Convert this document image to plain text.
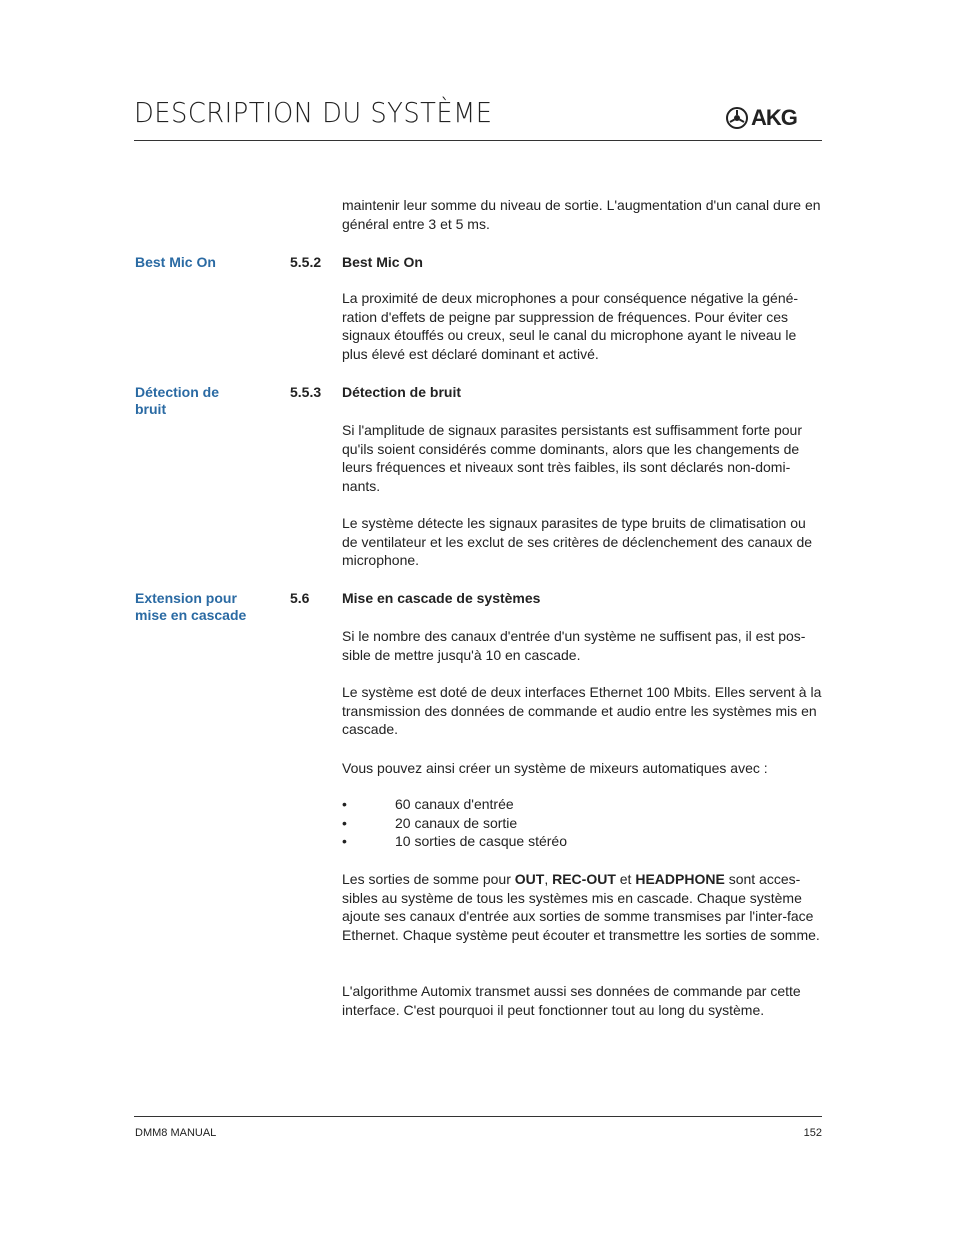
DESCRIPTION DU SYSTÈME	AKG
maintenir leur somme du niveau de sortie. L'augmentation d'un canal dure en général entre 3 et 5 ms.
Best Mic On	5.5.2 Best Mic On
La proximité de deux microphones a pour conséquence négative la géné-ration d'effets de peigne par suppression de fréquences. Pour éviter ces signaux étouffés ou creux, seul le canal du microphone ayant le niveau le plus élevé est déclaré dominant et activé.
Détection de bruit
5.5.3 Détection de bruit
Si l'amplitude de signaux parasites persistants est suffisamment forte pour qu'ils soient considérés comme dominants, alors que les changements de leurs fréquences et niveaux sont très faibles, ils sont déclarés non-domi-nants.
Le système détecte les signaux parasites de type bruits de climatisation ou de ventilateur et les exclut de ses critères de déclenchement des canaux de microphone.
Extension pour mise en cascade
5.6 Mise en cascade de systèmes
Si le nombre des canaux d'entrée d'un système ne suffisent pas, il est pos-sible de mettre jusqu'à 10 en cascade.
Le système est doté de deux interfaces Ethernet 100 Mbits. Elles servent à la transmission des données de commande et audio entre les systèmes mis en cascade.
Vous pouvez ainsi créer un système de mixeurs automatiques avec :
•	60 canaux d'entrée
•	20 canaux de sortie
•	10 sorties de casque stéréo
Les sorties de somme pour OUT, REC-OUT et HEADPHONE sont acces-sibles au système de tous les systèmes mis en cascade. Chaque système ajoute ses canaux d'entrée aux sorties de somme transmises par l'inter-face Ethernet. Chaque système peut écouter et transmettre les sorties de somme.
L'algorithme Automix transmet aussi ses données de commande par cette interface. C'est pourquoi il peut fonctionner tout au long du système.
DMM8 MANUAL	152
